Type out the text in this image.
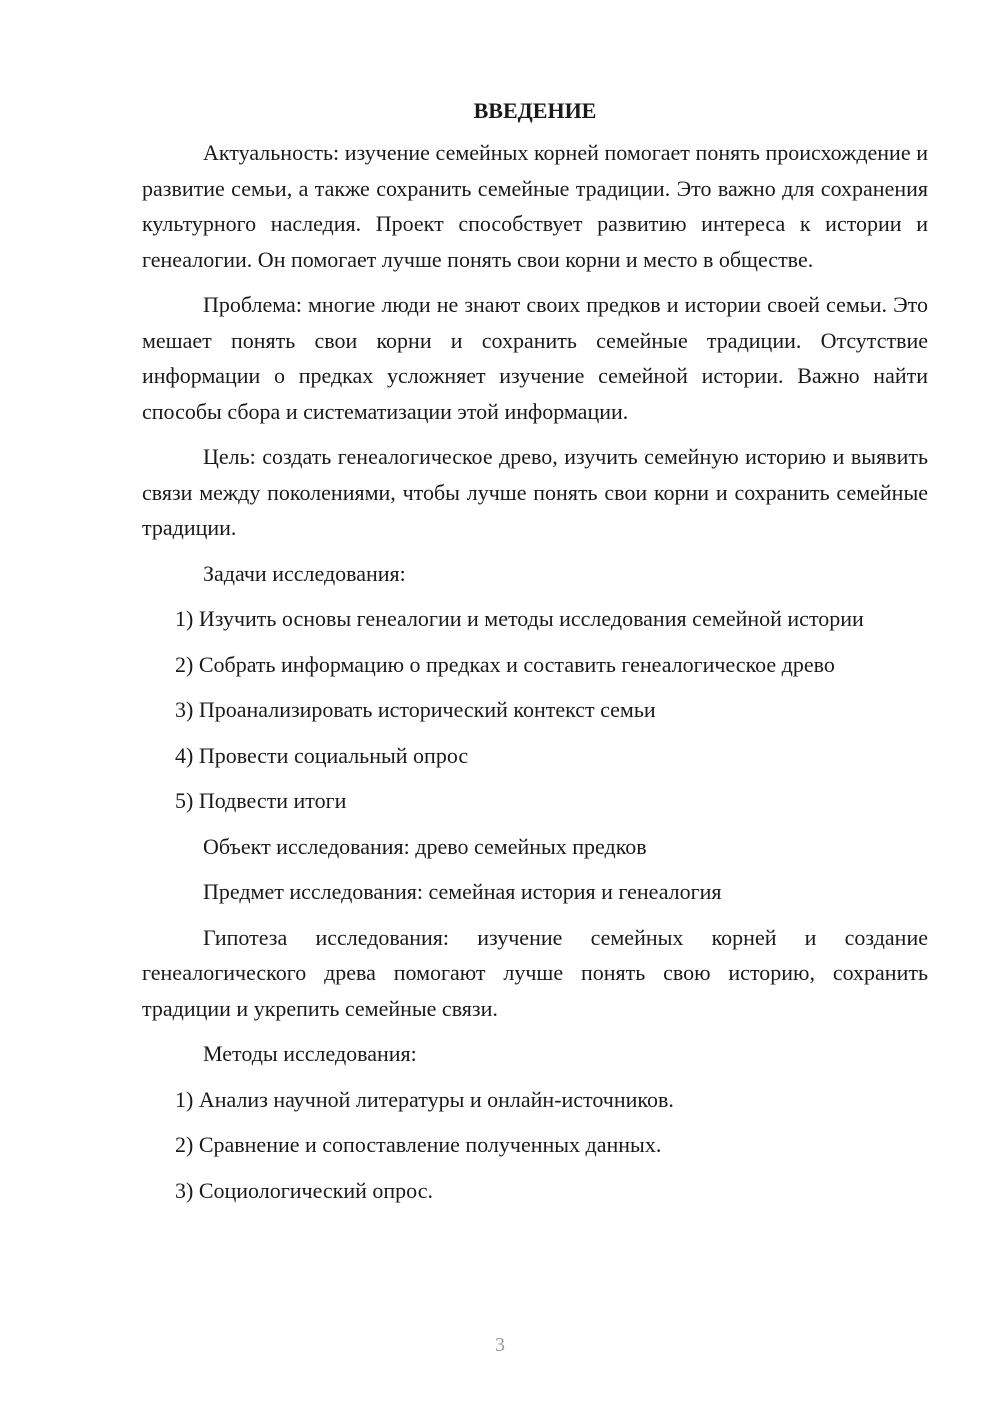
ВВЕДЕНИЕ

Актуальность: изучение семейных корней помогает понять происхождение и развитие семьи, а также сохранить семейные традиции. Это важно для сохранения культурного наследия. Проект способствует развитию интереса к истории и генеалогии. Он помогает лучше понять свои корни и место в обществе.

Проблема: многие люди не знают своих предков и истории своей семьи. Это мешает понять свои корни и сохранить семейные традиции. Отсутствие информации о предках усложняет изучение семейной истории. Важно найти способы сбора и систематизации этой информации.

Цель: создать генеалогическое древо, изучить семейную историю и выявить связи между поколениями, чтобы лучше понять свои корни и сохранить семейные традиции.

Задачи исследования:

1) Изучить основы генеалогии и методы исследования семейной истории

2) Собрать информацию о предках и составить генеалогическое древо

3) Проанализировать исторический контекст семьи

4) Провести социальный опрос

5) Подвести итоги

Объект исследования: древо семейных предков

Предмет исследования: семейная история и генеалогия

Гипотеза исследования: изучение семейных корней и создание генеалогического древа помогают лучше понять свою историю, сохранить традиции и укрепить семейные связи.

Методы исследования:

1) Анализ научной литературы и онлайн-источников.

2) Сравнение и сопоставление полученных данных.

3) Социологический опрос.

3
